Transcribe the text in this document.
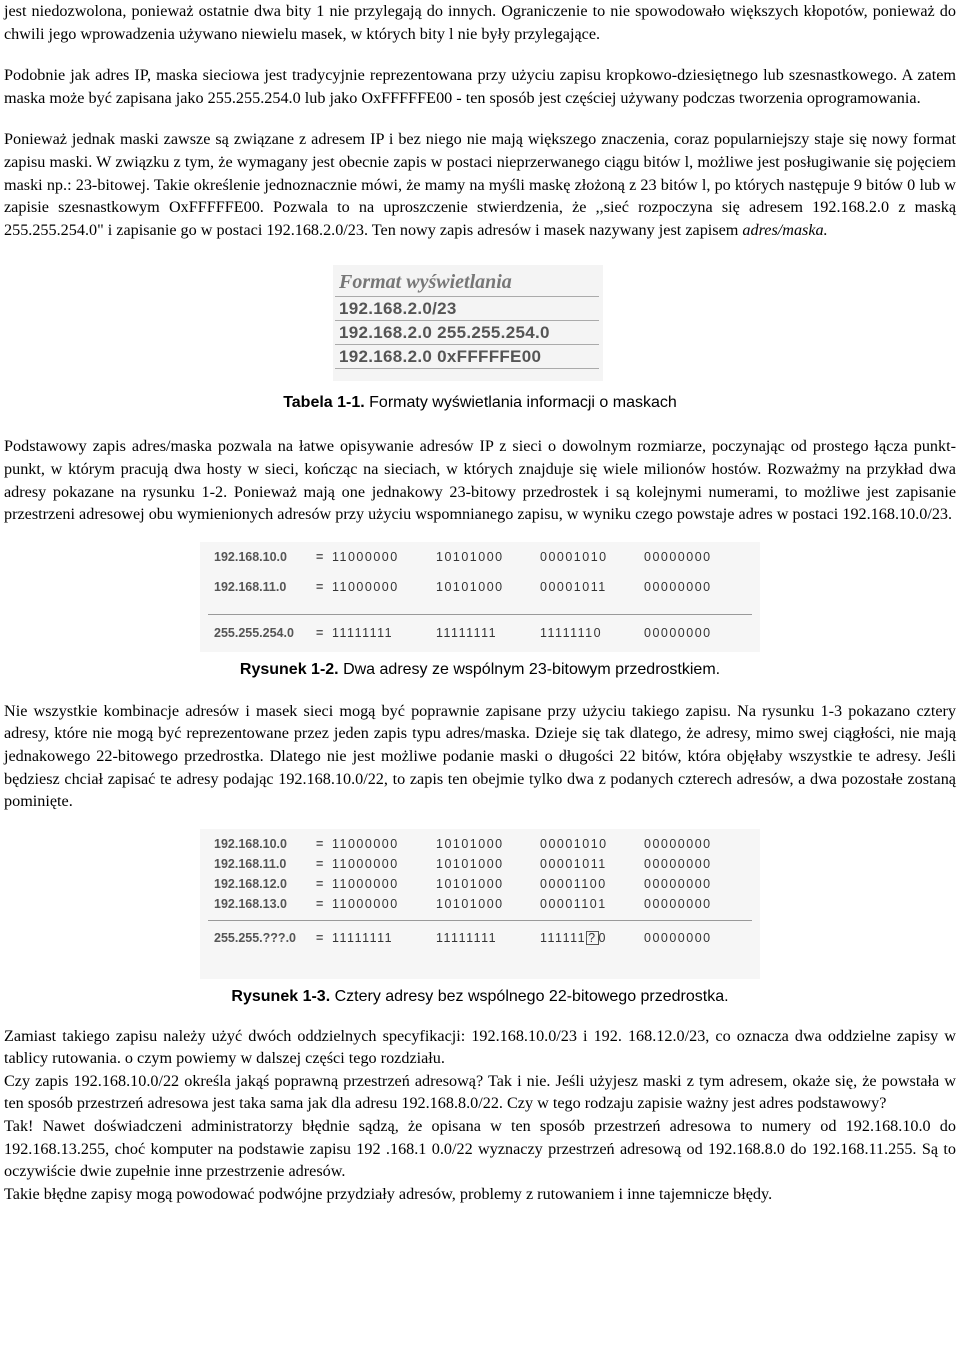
jest niedozwolona, ponieważ ostatnie dwa bity 1 nie przylegają do innych. Ograniczenie to nie spowodowało większych kłopotów, ponieważ do chwili jego wprowadzenia używano niewielu masek, w których bity l nie były przylegające.

Podobnie jak adres IP, maska sieciowa jest tradycyjnie reprezentowana przy użyciu zapisu kropkowo-dziesiętnego lub szesnastkowego. A zatem maska może być zapisana jako 255.255.254.0 lub jako OxFFFFFE00 - ten sposób jest częściej używany podczas tworzenia oprogramowania.

Ponieważ jednak maski zawsze są związane z adresem IP i bez niego nie mają większego znaczenia, coraz popularniejszy staje się nowy format zapisu maski. W związku z tym, że wymagany jest obecnie zapis w postaci nieprzerwanego ciągu bitów l, możliwe jest posługiwanie się pojęciem maski np.: 23-bitowej. Takie określenie jednoznacznie mówi, że mamy na myśli maskę złożoną z 23 bitów l, po których następuje 9 bitów 0 lub w zapisie szesnastkowym OxFFFFFE00. Pozwala to na uproszczenie stwierdzenia, że ,,sieć rozpoczyna się adresem 192.168.2.0 z maską 255.255.254.0" i zapisanie go w postaci 192.168.2.0/23. Ten nowy zapis adresów i masek nazywany jest zapisem adres/maska.

Format wyświetlania
192.168.2.0/23
192.168.2.0 255.255.254.0
192.168.2.0 0xFFFFFE00
Tabela 1-1. Formaty wyświetlania informacji o maskach

Podstawowy zapis adres/maska pozwala na łatwe opisywanie adresów IP z sieci o dowolnym rozmiarze, poczynając od prostego łącza punkt-punkt, w którym pracują dwa hosty w sieci, kończąc na sieciach, w których znajduje się wiele milionów hostów. Rozważmy na przykład dwa adresy pokazane na rysunku 1-2. Ponieważ mają one jednakowy 23-bitowy przedrostek i są kolejnymi numerami, to możliwe jest zapisanie przestrzeni adresowej obu wymienionych adresów przy użyciu wspomnianego zapisu, w wyniku czego powstaje adres w postaci 192.168.10.0/23.

192.168.10.0 = 11000000	10101000	00001010	00000000
192.168.11.0 = 11000000	10101000	00001011	00000000
255.255.254.0 = 11111111	11111111	11111110	00000000
Rysunek 1-2. Dwa adresy ze wspólnym 23-bitowym przedrostkiem.

Nie wszystkie kombinacje adresów i masek sieci mogą być poprawnie zapisane przy użyciu takiego zapisu. Na rysunku 1-3 pokazano cztery adresy, które nie mogą być reprezentowane przez jeden zapis typu adres/maska. Dzieje się tak dlatego, że adresy, mimo swej ciągłości, nie mają jednakowego 22-bitowego przedrostka. Dlatego nie jest możliwe podanie maski o długości 22 bitów, która objęłaby wszystkie te adresy. Jeśli będziesz chciał zapisać te adresy podając 192.168.10.0/22, to zapis ten obejmie tylko dwa z podanych czterech adresów, a dwa pozostałe zostaną pominięte.

192.168.10.0 = 11000000	10101000	00001010	00000000
192.168.11.0 = 11000000	10101000	00001011	00000000
192.168.12.0 = 11000000	10101000	00001100	00000000
192.168.13.0 = 11000000	10101000	00001101	00000000
255.255.???.0 = 11111111	11111111	111111 ? 0	00000000
Rysunek 1-3. Cztery adresy bez wspólnego 22-bitowego przedrostka.

Zamiast takiego zapisu należy użyć dwóch oddzielnych specyfikacji: 192.168.10.0/23 i 192. 168.12.0/23, co oznacza dwa oddzielne zapisy w tablicy rutowania. o czym powiemy w dalszej części tego rozdziału.

Czy zapis 192.168.10.0/22 określa jakąś poprawną przestrzeń adresową? Tak i nie. Jeśli użyjesz maski z tym adresem, okaże się, że powstała w ten sposób przestrzeń adresowa jest taka sama jak dla adresu 192.168.8.0/22. Czy w tego rodzaju zapisie ważny jest adres podstawowy?

Tak! Nawet doświadczeni administratorzy błędnie sądzą, że opisana w ten sposób przestrzeń adresowa to numery od 192.168.10.0 do 192.168.13.255, choć komputer na podstawie zapisu 192 .168.1 0.0/22 wyznaczy przestrzeń adresową od 192.168.8.0 do 192.168.11.255. Są to oczywiście dwie zupełnie inne przestrzenie adresów.

Takie błędne zapisy mogą powodować podwójne przydziały adresów, problemy z rutowaniem i inne tajemnicze błędy.
